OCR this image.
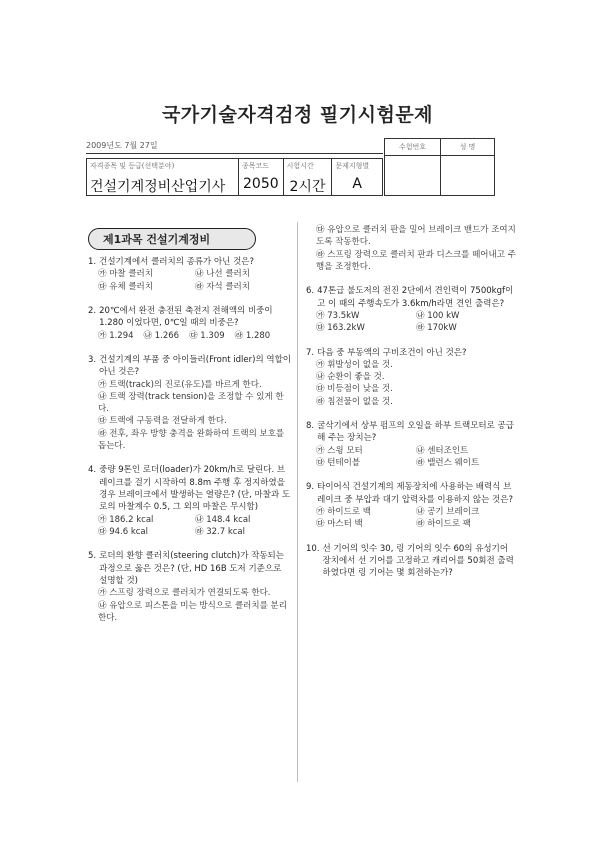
국가기술자격검정 필기시험문제
2009년도 7월 27일
자격종목 및 등급(선택분야)
건설기계정비산업기사
종목코드
2050
시험시간
2시간
문제지형별
A
수험번호	성 명
제1과목 건설기계정비
1. 건설기계에서 클러치의 종류가 아닌 것은?
㉮ 마찰 클러치	㉯ 나선 클러치
㉰ 유체 클러치	㉱ 자석 클러치
2. 20℃에서 완전 충전된 축전지 전해액의 비중이 1.280 이었다면, 0℃일 때의 비중은?
㉮ 1.294 ㉯ 1.266 ㉰ 1.309 ㉱ 1.280
3. 건설기계의 부품 중 아이들러(Front idler)의 역할이 아닌 것은?
㉮ 트랙(track)의 진로(유도)를 바르게 한다.
㉯ 트랙 장력(track tension)을 조정할 수 있게 한다.
㉰ 트랙에 구동력을 전달하게 한다.
㉱ 전후, 좌우 방향 충격을 완화하여 트랙의 보호를 돕는다.
4. 중량 9톤인 로더(loader)가 20km/h로 달린다. 브레이크를 걸기 시작하여 8.8m 주행 후 정지하였을 경우 브레이크에서 발생하는 열량은? (단, 마찰과 도로의 마찰계수 0.5, 그 외의 마찰은 무시함)
㉮ 186.2 kcal	㉯ 148.4 kcal
㉰ 94.6 kcal	㉱ 32.7 kcal
5. 로더의 환향 클러치(steering clutch)가 작동되는 과정으로 옳은 것은? (단, HD 16B 도저 기준으로 설명할 것)
㉮ 스프링 장력으로 클러치가 연결되도록 한다.
㉯ 유압으로 피스톤을 미는 방식으로 클러치를 분리한다.
㉰ 유압으로 클러치 판을 밀어 브레이크 밴드가 조여지도록 작동한다.
㉱ 스프링 장력으로 클러치 판과 디스크를 떼어내고 주행을 조정한다.
6. 47톤급 불도저의 전진 2단에서 견인력이 7500kgf이고 이 때의 주행속도가 3.6km/h라면 견인 출력은?
㉮ 73.5kW	㉯ 100 kW
㉰ 163.2kW	㉱ 170kW
7. 다음 중 부동액의 구비조건이 아닌 것은?
㉮ 휘발성이 없을 것.
㉯ 순환이 좋을 것.
㉰ 비등점이 낮을 것.
㉱ 침전물이 없을 것.
8. 굴삭기에서 상부 펌프의 오일을 하부 트랙모터로 공급해 주는 장치는?
㉮ 스윙 모터	㉯ 센터조인트
㉰ 턴테이블	㉱ 밸런스 웨이트
9. 타이어식 건설기계의 제동장치에 사용하는 배력식 브레이크 중 부압과 대기 압력차를 이용하지 않는 것은?
㉮ 하이드로 백	㉯ 공기 브레이크
㉰ 마스터 백	㉱ 하이드로 팩
10. 선 기어의 잇수 30, 링 기어의 잇수 60의 유성기어 장치에서 선 기어를 고정하고 캐리어를 50회전 출력하였다면 링 기어는 몇 회전하는가?
